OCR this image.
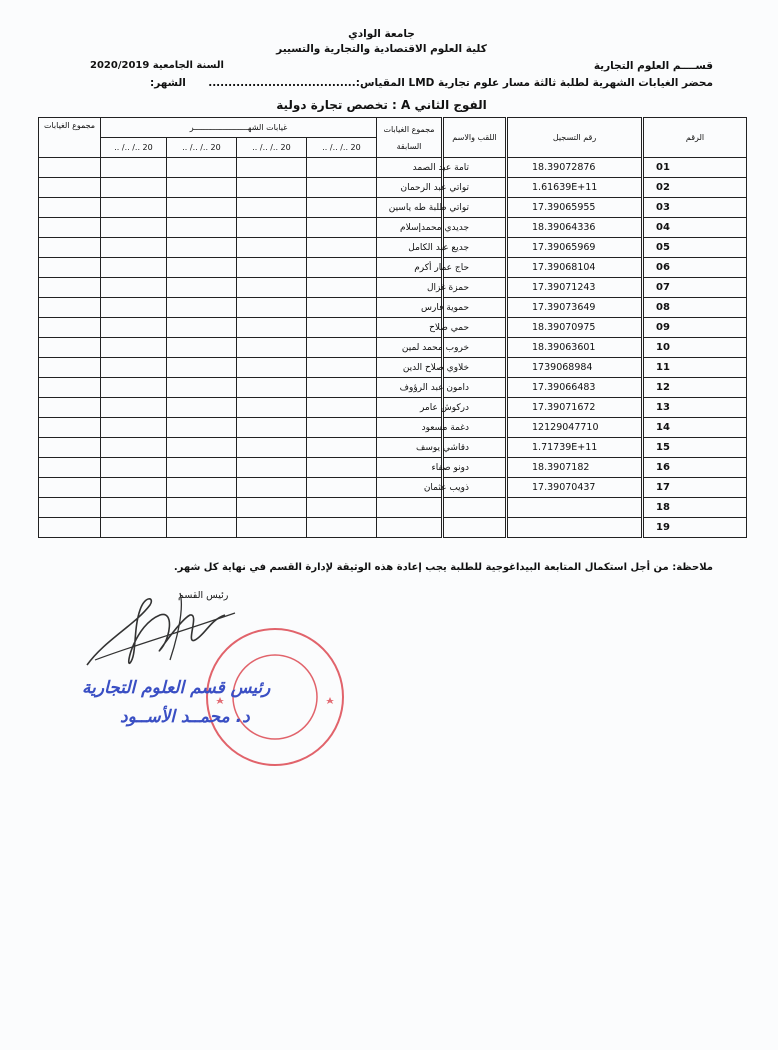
جامعة الوادي
كلية العلوم الاقتصادية والتجارية والتسيير
السنة الجامعية 2020/2019	قســــم العلوم التجارية
الشهر: محضر الغيابات الشهرية لطلبة ثالثة مسار علوم تجارية LMD المقياس:.....................................
الفوج الثاني A : تخصص تجارة دولية
مجموع الغيابات	غيابات الشهـــــــــــــــــــــــر				مجموع الغيابات
السابقة	اللقب والاسم	رقم التسجيل	الرقم
	.. /.. /.. 20	.. /.. /.. 20	.. /.. /.. 20	.. /.. /.. 20				
						تامة عبد الصمد	18.39072876	01
						تواتي عبد الرحمان	1.61639E+11	02
						تواتي طلبة طه ياسين	17.39065955	03
						جديدي محمدإسلام	18.39064336	04
						جديع عبد الكامل	17.39065969	05
						حاج عمار أكرم	17.39068104	06
						حمزة غزال	17.39071243	07
						حموية فارس	17.39073649	08
						حمي صلاح	18.39070975	09
						خروب محمد لمين	18.39063601	10
						خلاوي صلاح الدين	1739068984	11
						دامون عبد الرؤوف	17.39066483	12
						دركوش عامر	17.39071672	13
						دغمة مسعود	12129047710	14
						دقاشي يوسف	1.71739E+11	15
						دونو صفاء	18.3907182	16
						ذويب عثمان	17.39070437	17
								18
								19
ملاحظة: من أجل استكمال المتابعة البيداغوجية للطلبة يجب إعادة هذه الوثيقة لإدارة القسم في نهاية كل شهر.
رئيس القسم
رئيس قسم العلوم التجارية
د. محمــد الأســود
